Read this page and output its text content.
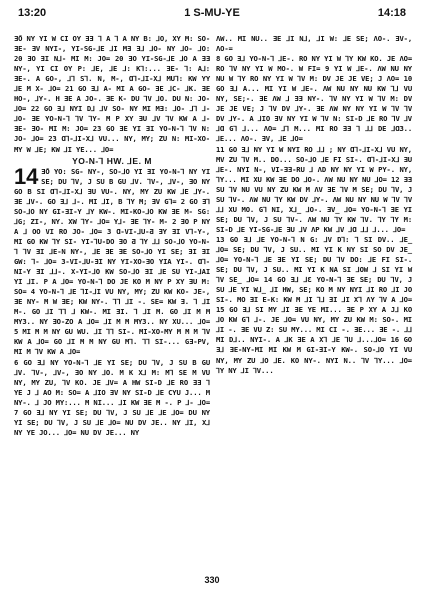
13:20	1 S-MU-YE	14:18

Ǝ̄O NY YI W CI OY ƎƎ ᒣ A ⅂ A NY B: ⅃O, XY M: SO- ƎE- ƎV NYI-, YI-SG-⅃E ⅃I MƎ Ǝ⅃ ⅃O- NY ⅃O- ⅃O: 20 ƎO ƎI N⅃- MI M: JO= 20 ƎO YI-SG-⅃E ⅃O A ƎƎ NY-, YI CI OY P: ⅃E, ⅃E ⅃: K⅂:... ƎE- ⅂: A⅃: ƎE-. A GO-, ⅃⅂ S⅂. N, M-, Ɑ⅂-⅃I-X⅃ MU⅂: KW YY ⅃E M X- ⅃O= 21 GO Ǝ⅃ A- MI A GO- ƎE ⅃C- ⅃K. ƎE HO-, ⅃Y-. H ƎE A JO-. ƎE K- DU ⅂V ⅃O. DU N: JO- ⅃O= 22 GO Ǝ⅃ NYI D⅃ ⅃V SO- NY MI MƎ: ⅃O- ⅃⅂ ⅃- ⅃O- ƎE YO-N-⅂ ⅂V ⅂Y- M P XY ƎU ⅃V ⅂V KW A ⅃- ƎE- ƎO- MI M: JO= 23 GO ƎE YI ƎI YO-N-⅂ ⅂V N: JO- ⅃O= 23 Ɑ⅂-⅃I-X⅃ VU... NY, MY; ZU N: MI-XO-MY W ⅃E; KW ⅃I YE... ⅃O=

YO-N-⅂ HW. ⅃E. M

14 Ǝ̄O YO: SG- NY-, SO-⅃O YI ƎI YO-N-⅂ NY YI SE; DU ⅂V, J SU B GU ⅃V. ⅂V-, ⅃V-, ƎO NY GO B SI Ɑ⅂-⅃I-X⅃ ƎU VU-. NY, MY ZU KW ⅃E ⅃Y-. ƎE ⅃V-. GO Ǝ⅃ ⅃-. MI ⅃I, B ⅂Y M; ƎV G⅂= 2 GO Ǝ⅂ SO-⅃O NY GI-ƎI-Y ⅃Y KW-. MI-KO-⅃O KW ƎE M- SG: ⅃G; ZI-, NY. XW ⅂Y- ⅃O= Y⅃- ƎE ⅂Y- M- 2 ƎO P NY A ⅃ OO VI RO JO- ⅃O= 3 Ɑ-VI-⅃U-Ƌ ƎY ƎI V⅂-Y-, MI GO KW ⅂Y SI- YI-⅂U-DO ƎO Ƌ ⅂Y ⅃⅃ SO-⅃O YO-N-⅂ ⅂V ƎI ⅃E-N NY-, ⅃E ƎE ƎE SO-⅃O YI SE; ƎI ƎI GW: ⅂- ⅃O= 3-VI-⅃U-ƎI NY YI-XO-ƎO YIA YI-. Ɑ⅂-NI-Y ƎI ⅃⅃-. X-YI-⅃O KW SO-⅃O ƎI ⅃E SU YI-⅃AI YI ⅃I. P A ⅃O= YO-N-⅂ DO JE KO M NY P XY ƎU M: SO= 4 YO-N-⅂ ⅃E ⅂I-⅃I VU NY, MY; ZU KW KO- JE-, ƎE NY- M W ƎE; KW NY-. ⅂⅂ ⅃I -. SE= KW Ǝ. ⅂ ⅃I M-. GO ⅃I ⅂⅂ ⅃ KW-. MI ƎI. ⅂ ⅃I M. GO ⅃I M M MY3.. NY ƎO-ZO A ⅃O= ⅃I M M MY3.. NY XU... ⅃O= 5 MI M M NY GU WU. ⅃I ⅂⅂ SI-. MI-XO-MY M M M ⅂V KW A ⅃O= GO ⅃I M M NY GU M⅂. ⅂⅂ SI-... GƎ-PV, MI M ⅂V KW A ⅃O=

6 GO Ǝ⅃ NY YO-N-⅂ ⅃E YI SE; DU ⅂V, J SU B GU ⅃V. ⅂V-, ⅃V-, ƎO NY ⅃O. M K X⅃ M: M⅂ SE M VU NY, MY ZU, ⅂V KO. JE ⅃V= A HW SI-D ⅃E RO ƎƎ ⅂ YE J ⅃ AO M: SO= A ⅃IO ƎV NY SI-D ⅃E CYU J... M NY-. ⅃ JO MY:... M NI... ⅃I KW ƎE M -. P ⅃- ⅃O= 7 GO Ǝ⅃ NY YI SE; DU ⅂V, J SU ⅃E ⅃E ⅃O= DU NY YI SE; DU ⅂V, J SU ⅃E ⅃O= NU DV JE.. NY ⅃I, X⅃ NY YE JO... ⅃O= NU DV JE... NY

ΛW.. MI NU.. ƎE ⅃I N⅃, ⅃I W: ⅃E SE; ΛO-. ƎV-, ΛO-=

8 GO Ǝ⅃ YO-N-⅂ ⅃E-. RO NY YI W ⅂Y KW KO. JE ΛO= RO ⅂V NY YI W MO-. W FI= 9 YI W ⅃E-. ΛW NU NY NU W ⅂Y RO NY YI W ⅂V M: DV JE JE VE; J ΛO= 10 GO Ǝ⅃ A... MI YI W ⅃E-. ΛW NU NY NU KW ⅂⅃ VU NY, SE;-. ƎE ΛW ⅃ ƎƎ NY-. ⅂V NY YI W ⅂V M: DV JE JE VE; J ⅂V DV ⅃Y-. ƎE ΛW NY NY YI W ⅂V ⅂V DV ⅃Y-. A ⅃IO ƎV NY YI W ⅂V N: SI-D ⅃E RO ⅂V ⅃V ⅃Ɑ G⅂ ⅃... ΛO= ⅃⅂ M... MI RO ƎƎ ⅂ ⅃⅃ DE ⅃Ɑ3.. ⅃E... ΛO-. ƎV, ⅃E ⅃O=

11 GO Ǝ⅃ NY YI W NYI RO ⅃⅃ ; NY Ɑ⅂-⅃I-X⅃ VU NY, MV ZU ⅂V M.. DO... SO-⅃O ⅃E FI SI-. Ɑ⅂-⅃I-X⅃ ƎU ⅃E-. NYI N-, VI-ƎƎ-RU ⅃ ΛD NY NY YI W PY-. NY, ⅂Y... MI XU KW ƎE DO ⅃O-. ΛW NU NY NU ⅃O= 12 ƎƎ SU ⅂V NU VU NY ZU KW M ΛV ƎE ⅂V M SE; DU ⅂V, J SU ⅂V-. ΛW NU ⅂Y KW DV ⅃Y-. ΛW NU NY NU W ⅂V ⅂V ⅃⅃ XU MO. G⅂ NI, X⅃_ ⅃O-. ƎV_ ⅃O= YO-N-⅂ ƎE YI SE; DU ⅂V, J SU ⅂V-. ΛW NU ⅂Y KW ⅂V. ⅂Y ⅂Y M: SI-D ⅃E YI-SG-⅃E ƎU ⅃V ΛP KW ⅃V ⅃Ɑ ⅃⅃ ⅃... ⅃O=

13 GO Ǝ⅃ ⅃E YO-N-⅂ N G: ⅃V D⅂: ⅂ SI DV.. ⅃E_ ⅃O= SE; DU ⅂V, J SU.. MI YI K NY SI SO DV JE_ ⅃O= YO-N-⅂ ⅃E ƎE YI SE; DU ⅂V DO: ⅃E FI SI-. SE; DU ⅂V, J SU.. MI YI K NA SI ⅃OW ⅃ SI YI W ⅂V SE_ ⅃O= 14 GO Ǝ⅃ ⅃Ɛ YO-N-⅂ ƎE SE; DU ⅂V, J SU ⅃E YI W⅃_ ⅃I HW, SE; KO M NY NYI ⅃I RO ⅃I JO SI-. MO ƎI E-K: KW M ⅃I ⅂⅃ ƎI ⅃I X⅂ ΛY ⅂V A ⅃O= 15 GO Ǝ⅃ SI MY ⅃I ƎE YE MI... ƎE P XY A J⅃ KO ⅃O KW G⅂ ⅃-. JE ⅃O= VU NY, MY ZU KW M: SO-. MI ⅃I -. ƎE VU Z: SU MY... MI CI -. ƎE... ƎE -. ⅃⅃ MI D⅃.. NYI-. A ⅃K ƎE A X⅂ ⅃E ⅂U ⅃...⅃O= 16 GO Ǝ⅃ ƎE-NY-MI MI KW M GI-ƎI-Y KW-. SO-⅃O YI VU NY, MY ZU ⅃O ⅃E. KO NY-. NYI N.. ⅂V ⅂Y... ⅃O= ⅂Y NY ⅃I ⅂V...

330
